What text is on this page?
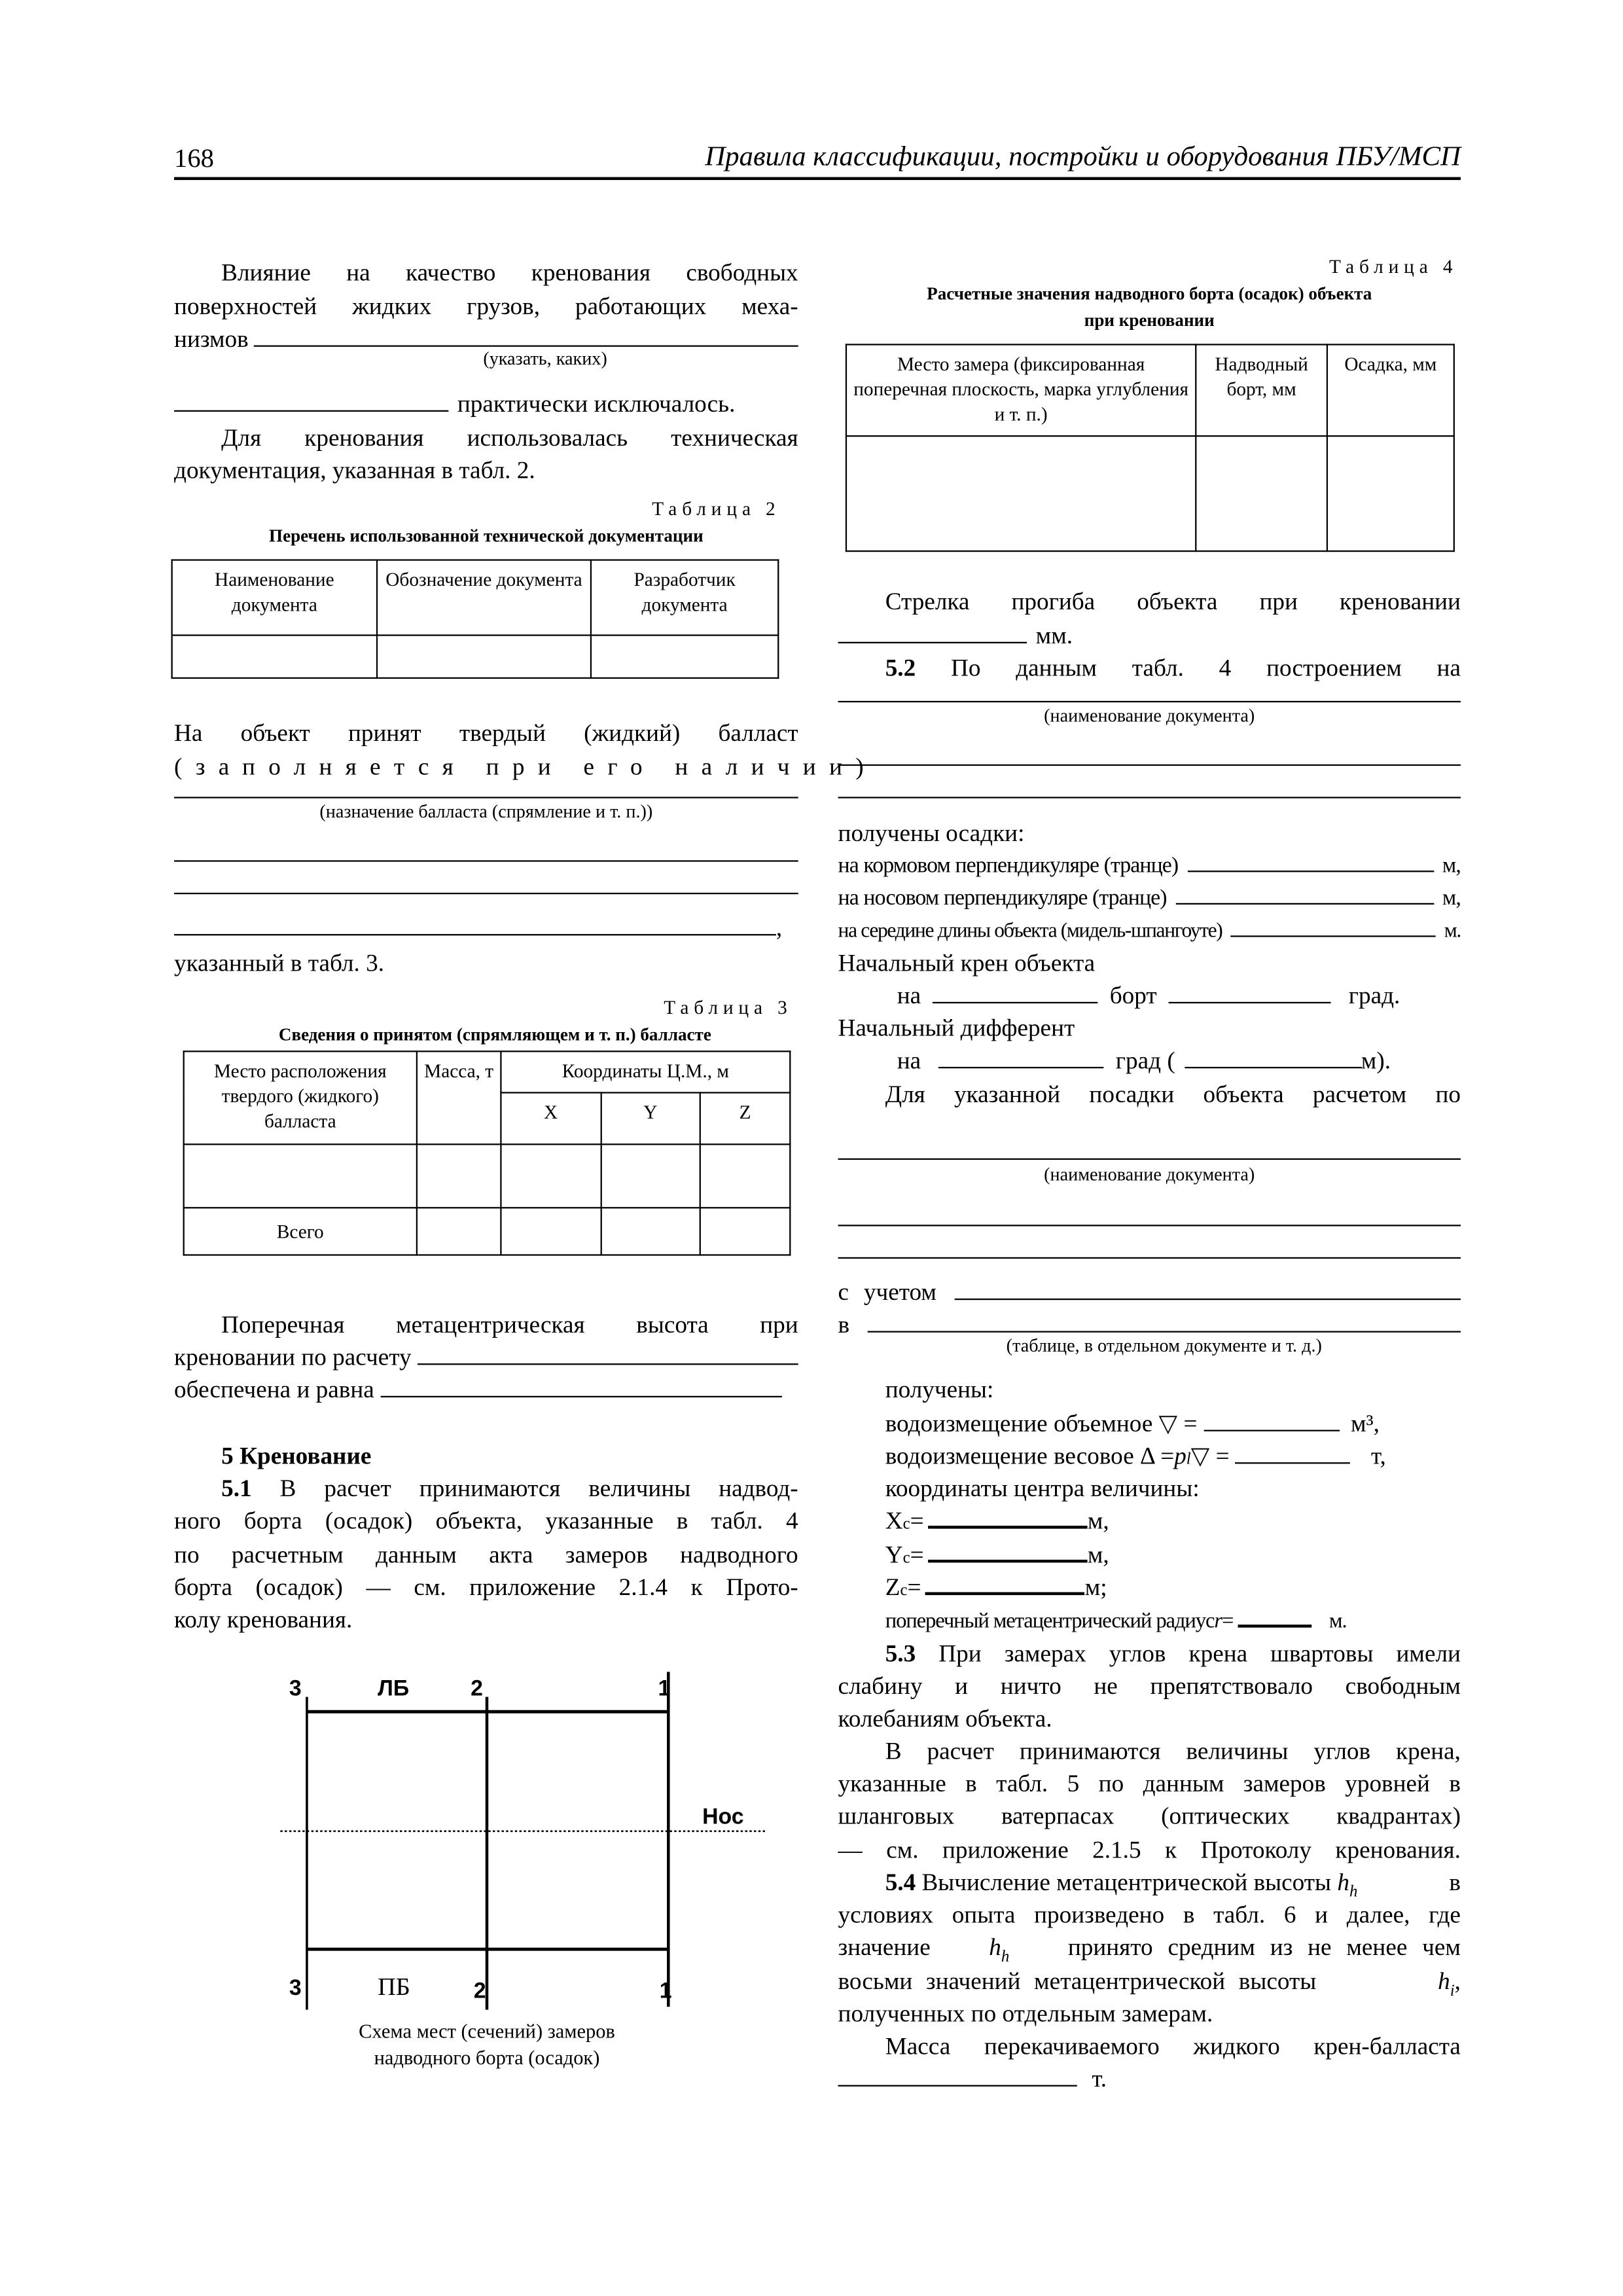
168	Правила классификации, постройки и оборудования ПБУ/МСП
Влияние на качество кренования свободных
поверхностей жидких грузов, работающих меха-
низмов
(указать, каких)
практически исключалось.
Для кренования использовалась техническая
документация, указанная в табл. 2.
Таблица 2
Перечень использованной технической документации
Наименование документа	Обозначение документа	Разработчик документа

На объект принят твердый (жидкий) балласт
(заполняется при его наличии)
(назначение балласта (спрямление и т. п.))
,
указанный в табл. 3.
Таблица 3
Сведения о принятом (спрямляющем и т. п.) балласте
Место расположения твердого (жидкого) балласта	Масса, т	Координаты Ц.М., м		
		X	Y	Z

Всего				
Поперечная метацентрическая высота при
креновании по расчету
обеспечена и равна
5 Кренование
5.1	В расчет принимаются величины надвод-
ного борта (осадок) объекта, указанные в табл. 4
по расчетным данным акта замеров надводного
борта (осадок) — см. приложение 2.1.4 к Прото-
колу кренования.
3	ЛБ	2	1
Нос
3	ПБ	2	1
Схема мест (сечений) замеров
надводного борта (осадок)
Таблица 4
Расчетные значения надводного борта (осадок) объекта
при креновании
Место замера (фиксированная поперечная плоскость, марка углубления и т. п.)	Надводный борт, мм	Осадка, мм

Стрелка прогиба объекта при креновании
мм.
5.2	По данным табл. 4 построением на
(наименование документа)
получены осадки:
на кормовом перпендикуляре (транце)	м,
на носовом перпендикуляре (транце)	м,
на середине длины объекта (мидель-шпангоуте)	м.
Начальный крен объекта
на	борт	град.
Начальный дифферент
на	град (	м).
Для указанной посадки объекта расчетом по
(наименование документа)
с учетом
в
(таблице, в отдельном документе и т. д.)
получены:
водоизмещение объемное ▽ =	м³,
водоизмещение весовое $\Delta = p_l$ ▽ =	т,
координаты центра величины:
$X_c$ =	м,
$Y_c$ =	м,
$Z_c$ =	м;
поперечный метацентрический радиус r =	м.
5.3 При замерах углов крена швартовы имели
слабину и ничто не препятствовало свободным
колебаниям объекта.
В расчет принимаются величины углов крена,
указанные в табл. 5 по данным замеров уровней в
шланговых ватерпасах (оптических квадрантах)
— см. приложение 2.1.5 к Протоколу кренования.
5.4 Вычисление метацентрической высоты $h_h$	в
условиях опыта произведено в табл. 6 и далее, где
значение	$h_h$	принято средним из не менее чем
восьми значений метацентрической высоты	$h_i$,
полученных по отдельным замерам.
Масса перекачиваемого жидкого крен-балласта
т.
